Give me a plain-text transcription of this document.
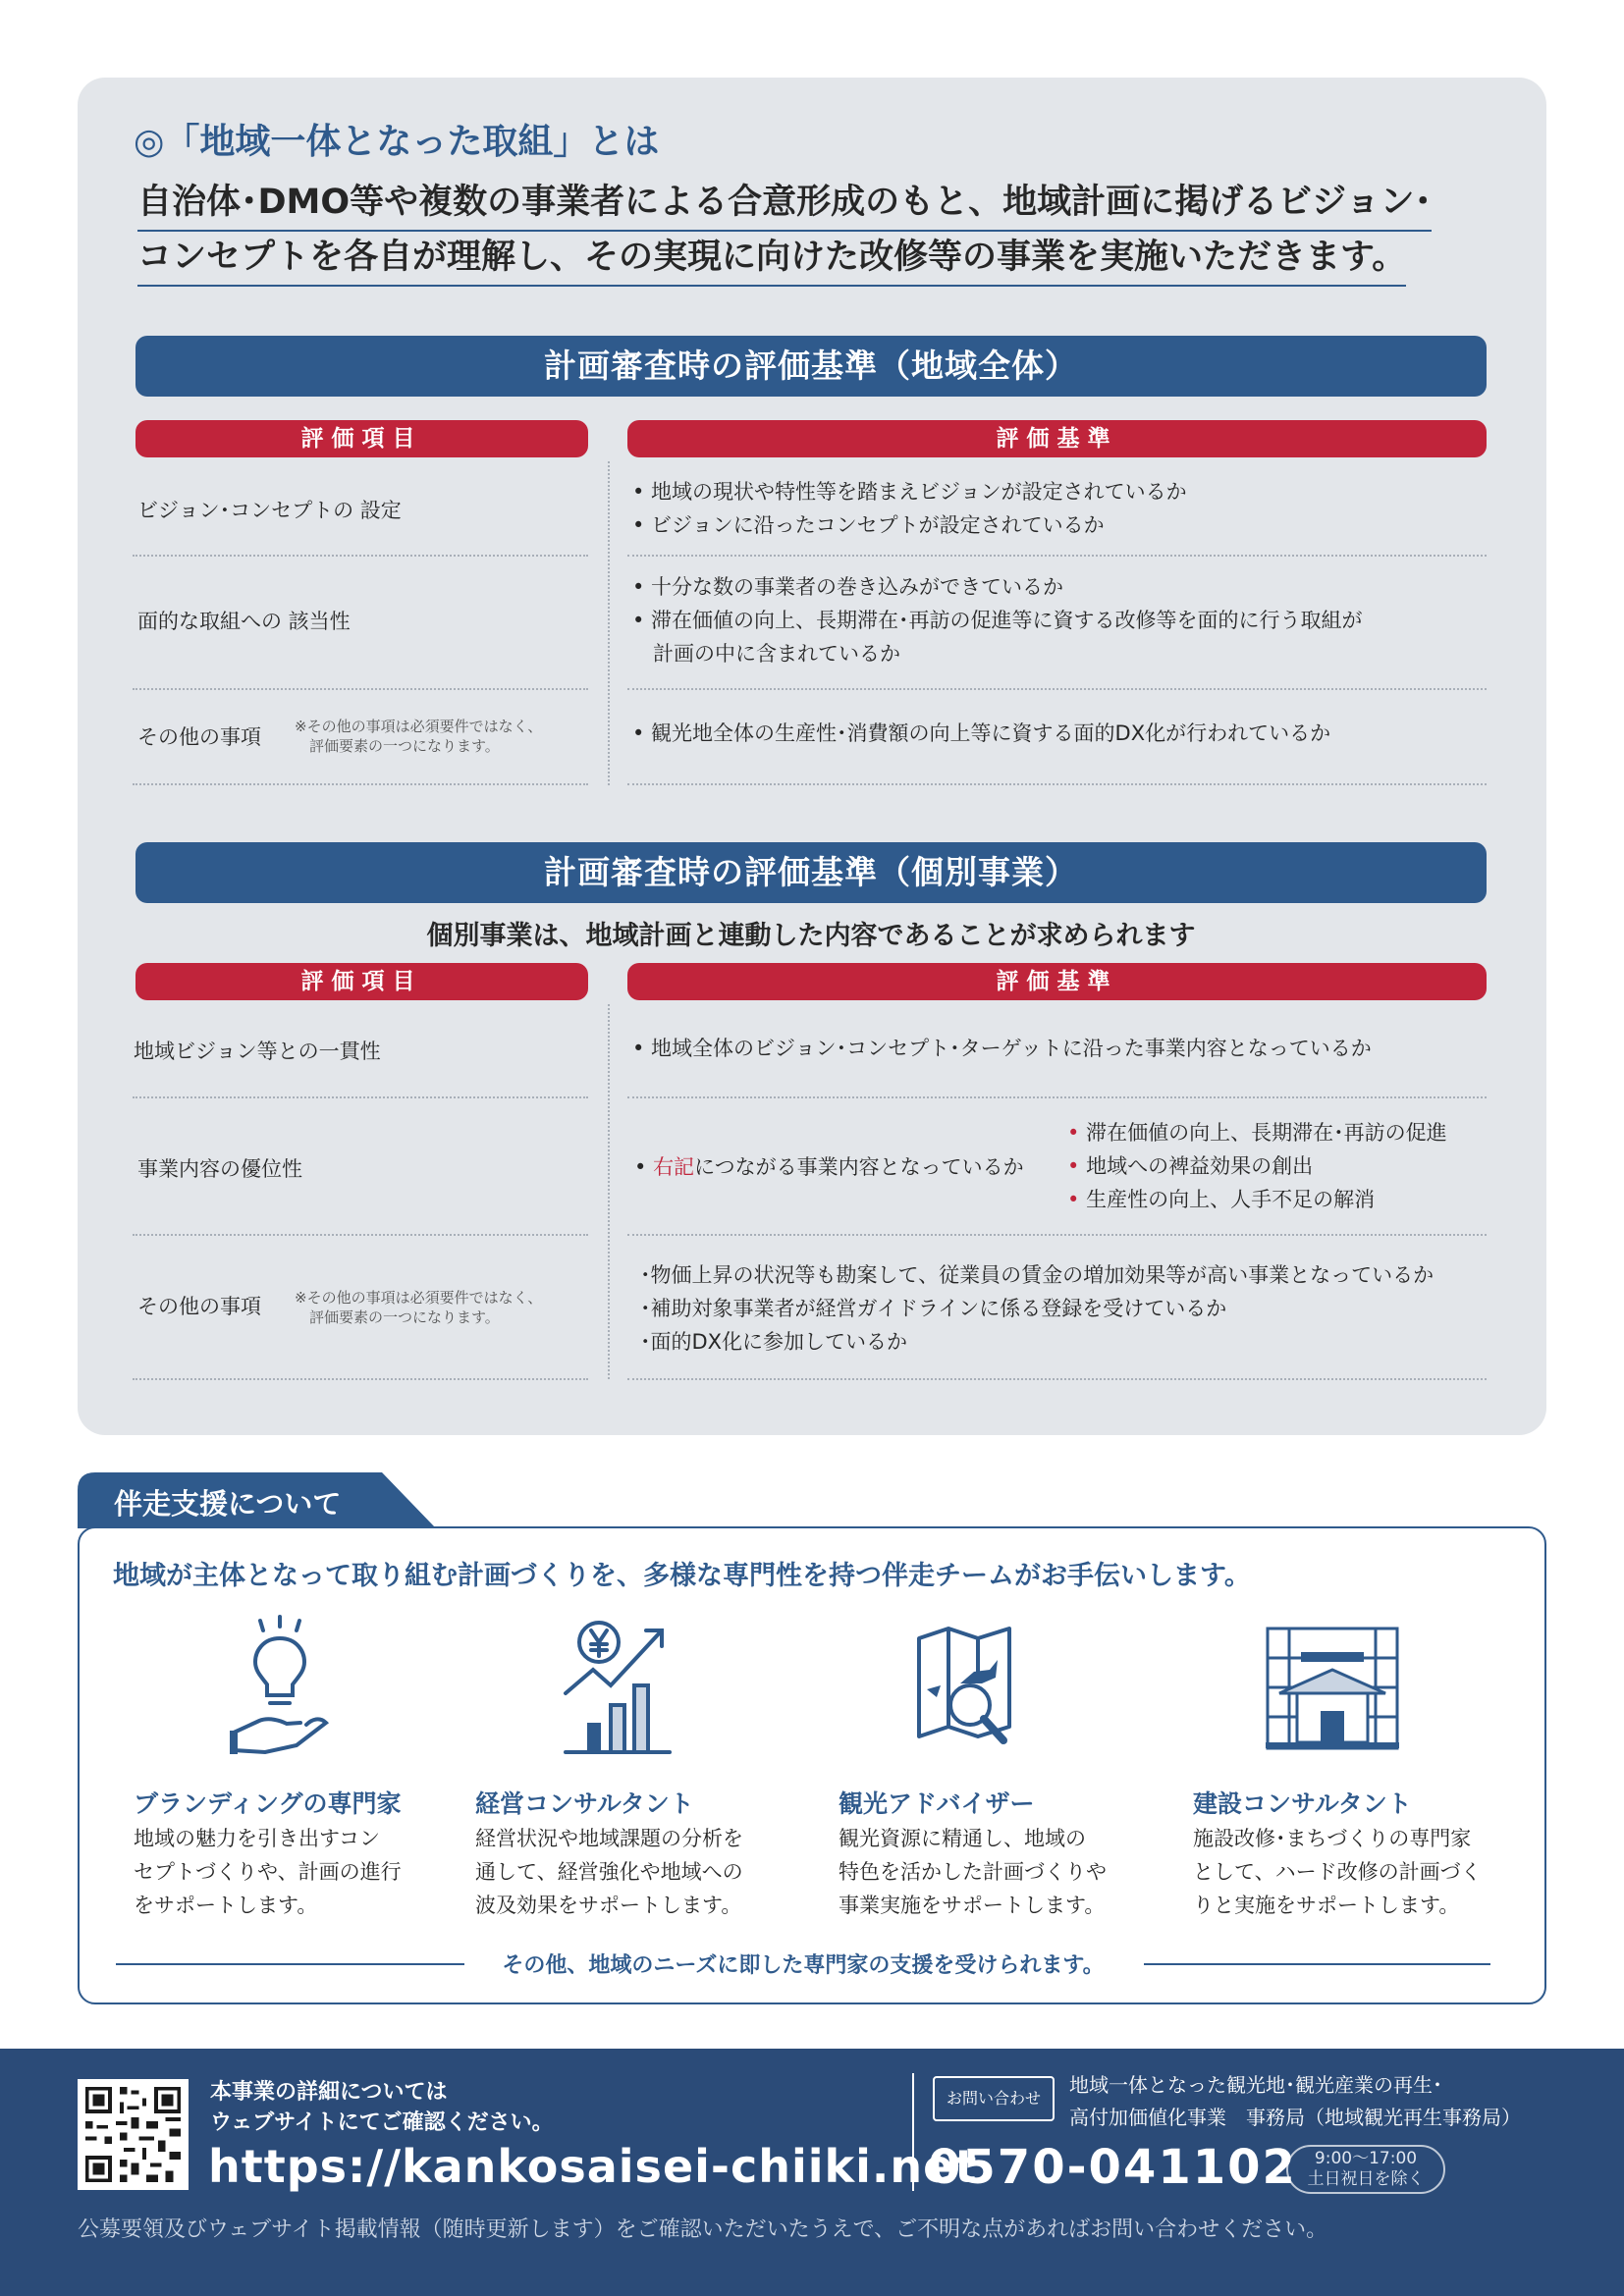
◎「地域一体となった取組」とは
自治体･DMO等や複数の事業者による合意形成のもと、地域計画に掲げるビジョン･
コンセプトを各自が理解し、その実現に向けた改修等の事業を実施いただきます。
計画審査時の評価基準（地域全体）
評価項目	評価基準
ビジョン･コンセプトの 設定
• 地域の現状や特性等を踏まえビジョンが設定されているか
• ビジョンに沿ったコンセプトが設定されているか
面的な取組への 該当性
• 十分な数の事業者の巻き込みができているか
• 滞在価値の向上、長期滞在･再訪の促進等に資する改修等を面的に行う取組が
　計画の中に含まれているか
その他の事項 ※その他の事項は必須要件ではなく、
　評価要素の一つになります。
• 観光地全体の生産性･消費額の向上等に資する面的DX化が行われているか
計画審査時の評価基準（個別事業）
個別事業は、地域計画と連動した内容であることが求められます
評価項目	評価基準
地域ビジョン等との一貫性	• 地域全体のビジョン･コンセプト･ターゲットに沿った事業内容となっているか
事業内容の優位性	• 右記につながる事業内容となっているか
• 滞在価値の向上、長期滞在･再訪の促進
• 地域への裨益効果の創出
• 生産性の向上、人手不足の解消
その他の事項 ※その他の事項は必須要件ではなく、
　評価要素の一つになります。
･物価上昇の状況等も勘案して、従業員の賃金の増加効果等が高い事業となっているか
･補助対象事業者が経営ガイドラインに係る登録を受けているか
･面的DX化に参加しているか
伴走支援について
地域が主体となって取り組む計画づくりを、多様な専門性を持つ伴走チームがお手伝いします。
ブランディングの専門家
地域の魅力を引き出すコン
セプトづくりや、計画の進行
をサポートします。
経営コンサルタント
経営状況や地域課題の分析を
通して、経営強化や地域への
波及効果をサポートします。
観光アドバイザー
観光資源に精通し、地域の
特色を活かした計画づくりや
事業実施をサポートします。
建設コンサルタント
施設改修･まちづくりの専門家
として、ハード改修の計画づく
りと実施をサポートします。
その他、地域のニーズに即した専門家の支援を受けられます。
本事業の詳細については
ウェブサイトにてご確認ください。
https://kankosaisei-chiiki.net
お問い合わせ
地域一体となった観光地･観光産業の再生･
高付加価値化事業　事務局（地域観光再生事務局）
0570-041102	9:00～17:00
土日祝日を除く
公募要領及びウェブサイト掲載情報（随時更新します）をご確認いただいたうえで、ご不明な点があればお問い合わせください。
